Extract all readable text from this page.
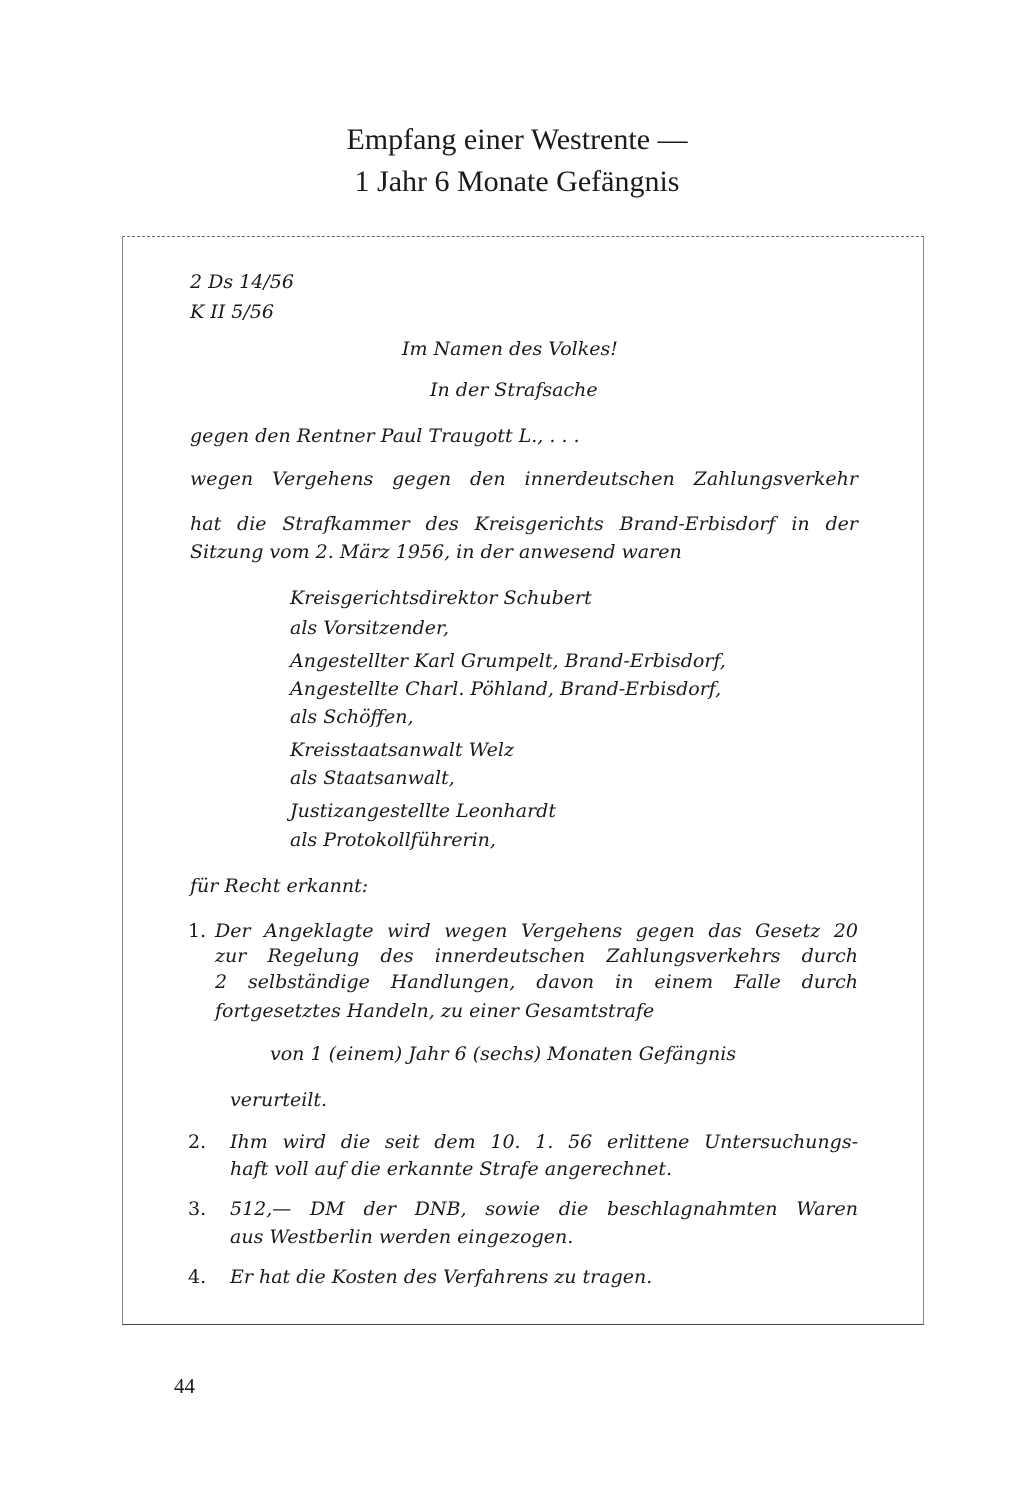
Empfang einer Westrente —
1 Jahr 6 Monate Gefängnis
2 Ds 14/56
K II 5/56
Im Namen des Volkes!
In der Strafsache
gegen den Rentner Paul Traugott L., . . .
wegen Vergehens gegen den innerdeutschen Zahlungsverkehr
hat die Strafkammer des Kreisgerichts Brand-Erbisdorf in der
Sitzung vom 2. März 1956, in der anwesend waren
Kreisgerichtsdirektor Schubert
als Vorsitzender,
Angestellter Karl Grumpelt, Brand-Erbisdorf,
Angestellte Charl. Pöhland, Brand-Erbisdorf,
als Schöffen,
Kreisstaatsanwalt Welz
als Staatsanwalt,
Justizangestellte Leonhardt
als Protokollführerin,
für Recht erkannt:
1. Der Angeklagte wird wegen Vergehens gegen das Gesetz 20
zur Regelung des innerdeutschen Zahlungsverkehrs durch
2 selbständige Handlungen, davon in einem Falle durch
fortgesetztes Handeln, zu einer Gesamtstrafe
von 1 (einem) Jahr 6 (sechs) Monaten Gefängnis
verurteilt.
2. Ihm wird die seit dem 10. 1. 56 erlittene Untersuchungs-
haft voll auf die erkannte Strafe angerechnet.
3. 512,— DM der DNB, sowie die beschlagnahmten Waren
aus Westberlin werden eingezogen.
4. Er hat die Kosten des Verfahrens zu tragen.
44
